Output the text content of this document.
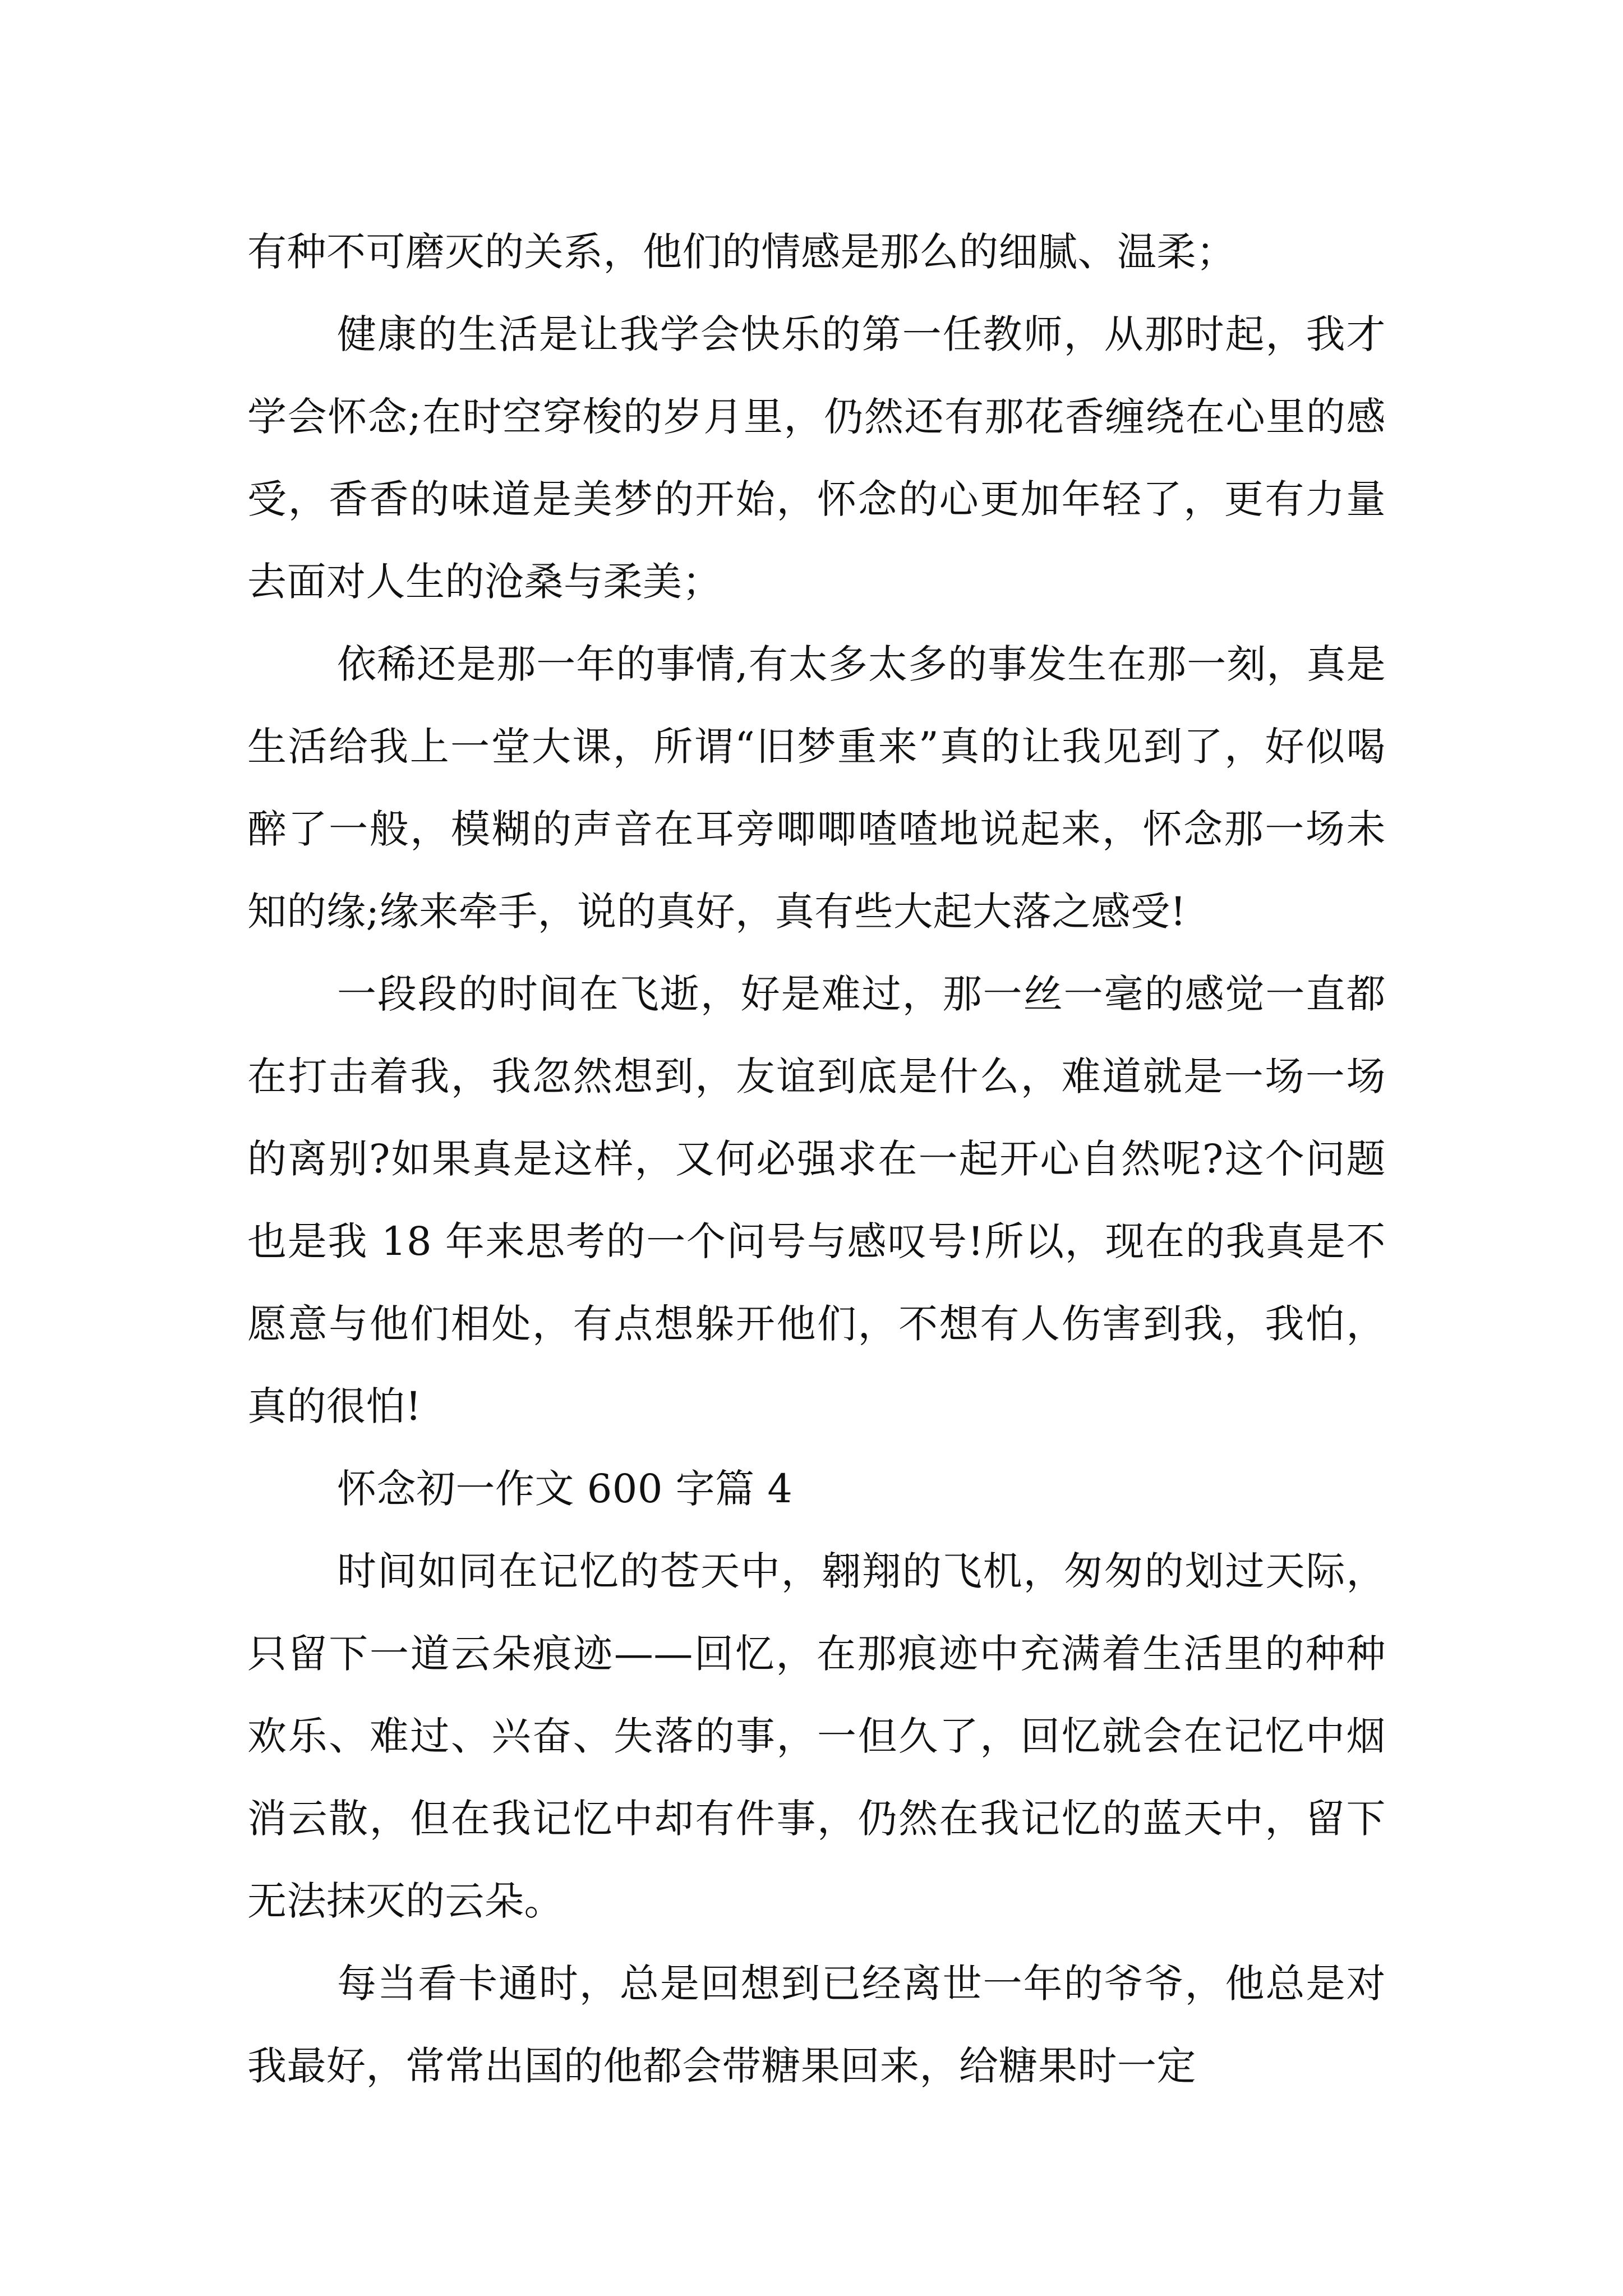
有种不可磨灭的关系，他们的情感是那么的细腻、温柔；

健康的生活是让我学会快乐的第一任教师，从那时起，我才学会怀念;在时空穿梭的岁月里，仍然还有那花香缠绕在心里的感受，香香的味道是美梦的开始，怀念的心更加年轻了，更有力量去面对人生的沧桑与柔美；

依稀还是那一年的事情,有太多太多的事发生在那一刻，真是生活给我上一堂大课，所谓“旧梦重来”真的让我见到了，好似喝醉了一般，模糊的声音在耳旁唧唧喳喳地说起来，怀念那一场未知的缘;缘来牵手，说的真好，真有些大起大落之感受!

一段段的时间在飞逝，好是难过，那一丝一毫的感觉一直都在打击着我，我忽然想到，友谊到底是什么，难道就是一场一场的离别?如果真是这样，又何必强求在一起开心自然呢?这个问题也是我 18 年来思考的一个问号与感叹号!所以，现在的我真是不愿意与他们相处，有点想躲开他们，不想有人伤害到我，我怕，真的很怕!

怀念初一作文 600 字篇 4

时间如同在记忆的苍天中，翱翔的飞机，匆匆的划过天际，只留下一道云朵痕迹——回忆，在那痕迹中充满着生活里的种种欢乐、难过、兴奋、失落的事，一但久了，回忆就会在记忆中烟消云散，但在我记忆中却有件事，仍然在我记忆的蓝天中，留下无法抹灭的云朵。

每当看卡通时，总是回想到已经离世一年的爷爷，他总是对我最好，常常出国的他都会带糖果回来，给糖果时一定
